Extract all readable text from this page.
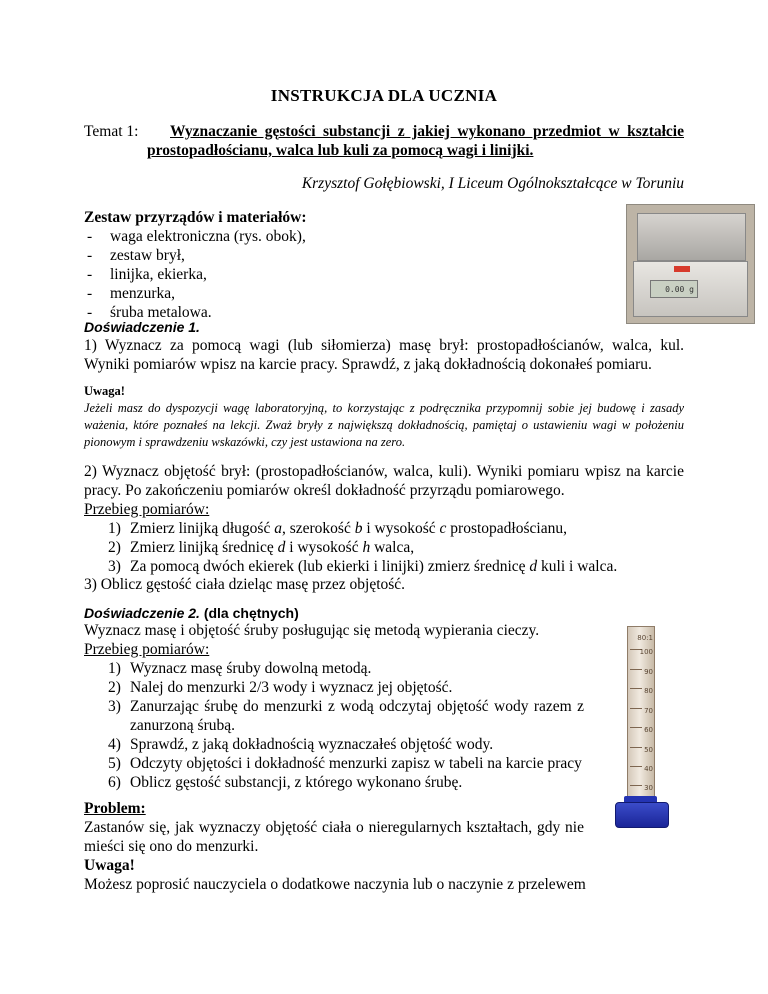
INSTRUKCJA DLA UCZNIA
Temat 1: Wyznaczanie gęstości substancji z jakiej wykonano przedmiot w kształcie
prostopadłościanu, walca lub kuli za pomocą wagi i linijki.
Krzysztof Gołębiowski, I Liceum Ogólnokształcące w Toruniu
Zestaw przyrządów i materiałów:
- waga elektroniczna (rys. obok),
- zestaw brył,
- linijka, ekierka,
- menzurka,
- śruba metalowa.
0.00 g
Doświadczenie 1.
1) Wyznacz za pomocą wagi (lub siłomierza) masę brył: prostopadłościanów, walca, kul. Wyniki pomiarów wpisz na karcie pracy. Sprawdź, z jaką dokładnością dokonałeś pomiaru.
Uwaga!
Jeżeli masz do dyspozycji wagę laboratoryjną, to korzystając z podręcznika przypomnij sobie jej budowę i zasady ważenia, które poznałeś na lekcji. Zważ bryły z największą dokładnością, pamiętaj o ustawieniu wagi w położeniu pionowym i sprawdzeniu wskazówki, czy jest ustawiona na zero.
2) Wyznacz objętość brył: (prostopadłościanów, walca, kuli). Wyniki pomiaru wpisz na karcie pracy. Po zakończeniu pomiarów określ dokładność przyrządu pomiarowego.
Przebieg pomiarów:
1) Zmierz linijką długość a, szerokość b i wysokość c prostopadłościanu,
2) Zmierz linijką średnicę d i wysokość h walca,
3) Za pomocą dwóch ekierek (lub ekierki i linijki) zmierz średnicę d kuli i walca.
3) Oblicz gęstość ciała dzieląc masę przez objętość.
Doświadczenie 2. (dla chętnych)
Wyznacz masę i objętość śruby posługując się metodą wypierania cieczy.
Przebieg pomiarów:
1) Wyznacz masę śruby dowolną metodą.
2) Nalej do menzurki 2/3 wody i wyznacz jej objętość.
3) Zanurzając śrubę do menzurki z wodą odczytaj objętość wody razem z zanurzoną śrubą.
4) Sprawdź, z jaką dokładnością wyznaczałeś objętość wody.
5) Odczyty objętości i dokładność menzurki zapisz w tabeli na karcie pracy
6) Oblicz gęstość substancji, z którego wykonano śrubę.
80:1
100
90
80
70
60
50
40
30
Problem:
Zastanów się, jak wyznaczy objętość ciała o nieregularnych kształtach, gdy nie mieści się ono do menzurki.
Uwaga!
Możesz poprosić nauczyciela o dodatkowe naczynia lub o naczynie z przelewem
